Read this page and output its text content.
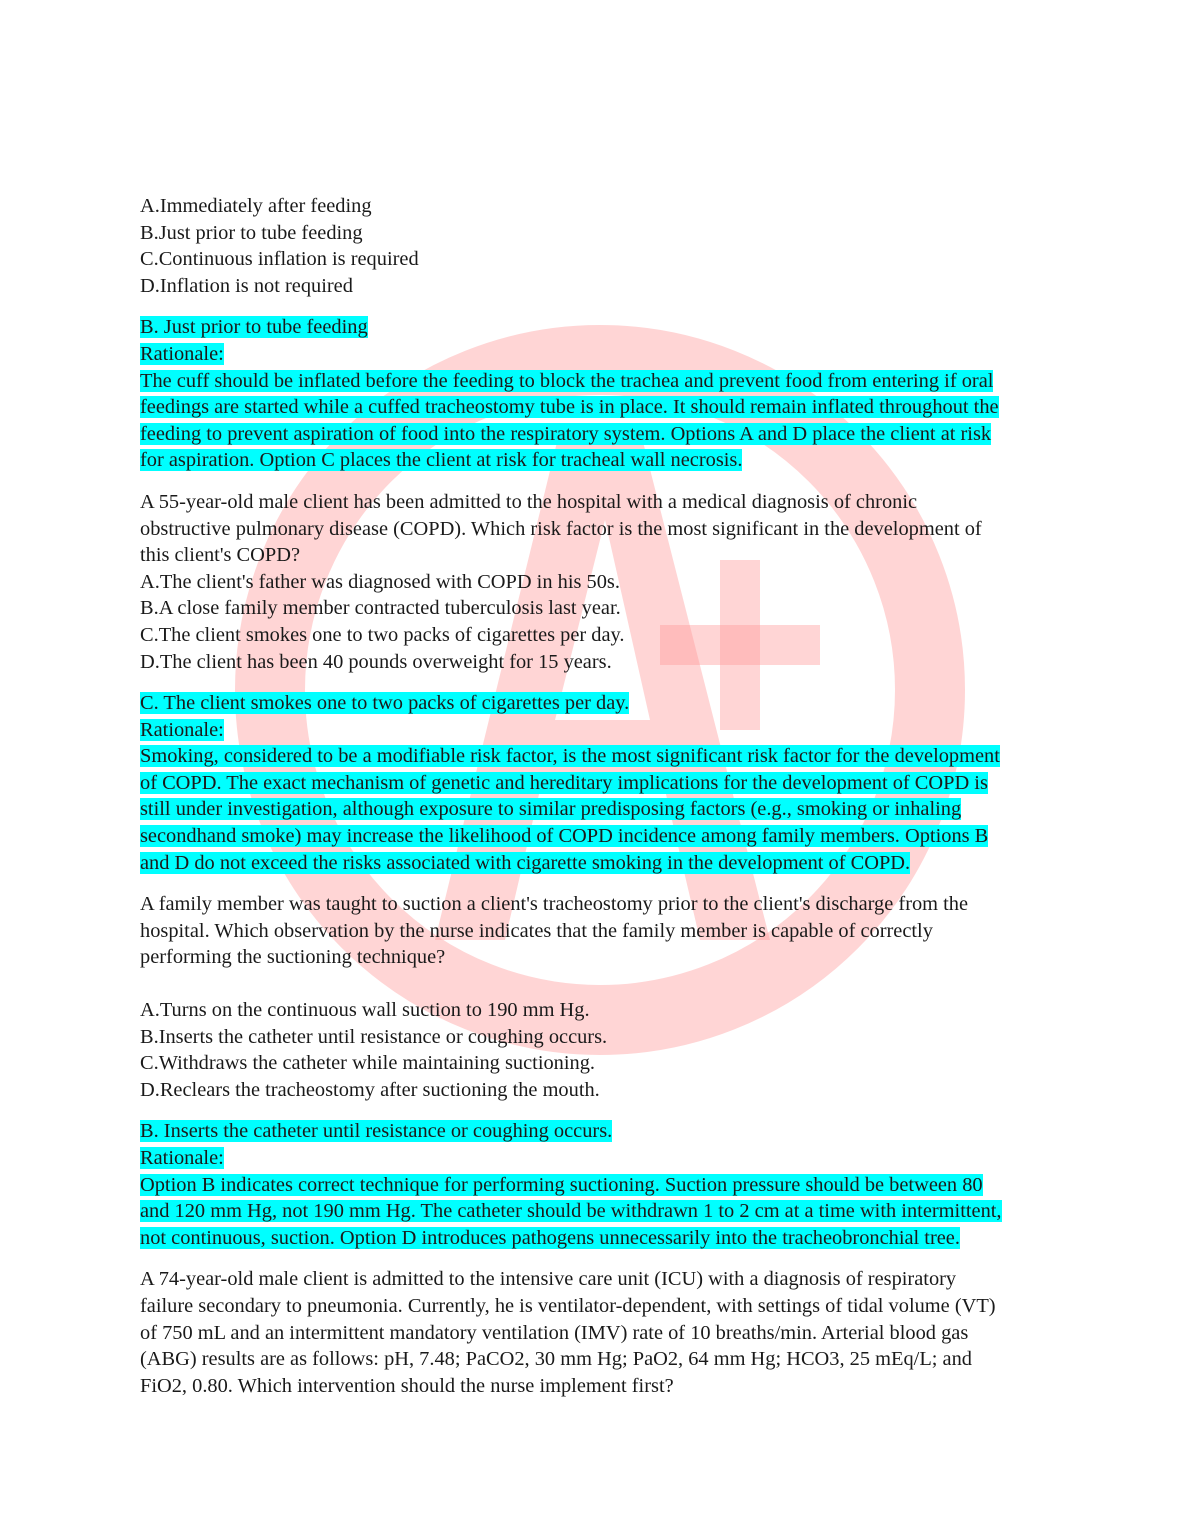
A.Immediately after feeding
B.Just prior to tube feeding
C.Continuous inflation is required
D.Inflation is not required
B. Just prior to tube feeding
Rationale:
The cuff should be inflated before the feeding to block the trachea and prevent food from entering if oral
feedings are started while a cuffed tracheostomy tube is in place. It should remain inflated throughout the
feeding to prevent aspiration of food into the respiratory system. Options A and D place the client at risk
for aspiration. Option C places the client at risk for tracheal wall necrosis.
A 55-year-old male client has been admitted to the hospital with a medical diagnosis of chronic
obstructive pulmonary disease (COPD). Which risk factor is the most significant in the development of
this client's COPD?
A.The client's father was diagnosed with COPD in his 50s.
B.A close family member contracted tuberculosis last year.
C.The client smokes one to two packs of cigarettes per day.
D.The client has been 40 pounds overweight for 15 years.
C. The client smokes one to two packs of cigarettes per day.
Rationale:
Smoking, considered to be a modifiable risk factor, is the most significant risk factor for the development
of COPD. The exact mechanism of genetic and hereditary implications for the development of COPD is
still under investigation, although exposure to similar predisposing factors (e.g., smoking or inhaling
secondhand smoke) may increase the likelihood of COPD incidence among family members. Options B
and D do not exceed the risks associated with cigarette smoking in the development of COPD.
A family member was taught to suction a client's tracheostomy prior to the client's discharge from the
hospital. Which observation by the nurse indicates that the family member is capable of correctly
performing the suctioning technique?
A.Turns on the continuous wall suction to 190 mm Hg.
B.Inserts the catheter until resistance or coughing occurs.
C.Withdraws the catheter while maintaining suctioning.
D.Reclears the tracheostomy after suctioning the mouth.
B. Inserts the catheter until resistance or coughing occurs.
Rationale:
Option B indicates correct technique for performing suctioning. Suction pressure should be between 80
and 120 mm Hg, not 190 mm Hg. The catheter should be withdrawn 1 to 2 cm at a time with intermittent,
not continuous, suction. Option D introduces pathogens unnecessarily into the tracheobronchial tree.
A 74-year-old male client is admitted to the intensive care unit (ICU) with a diagnosis of respiratory
failure secondary to pneumonia. Currently, he is ventilator-dependent, with settings of tidal volume (VT)
of 750 mL and an intermittent mandatory ventilation (IMV) rate of 10 breaths/min. Arterial blood gas
(ABG) results are as follows: pH, 7.48; PaCO2, 30 mm Hg; PaO2, 64 mm Hg; HCO3, 25 mEq/L; and
FiO2, 0.80. Which intervention should the nurse implement first?
